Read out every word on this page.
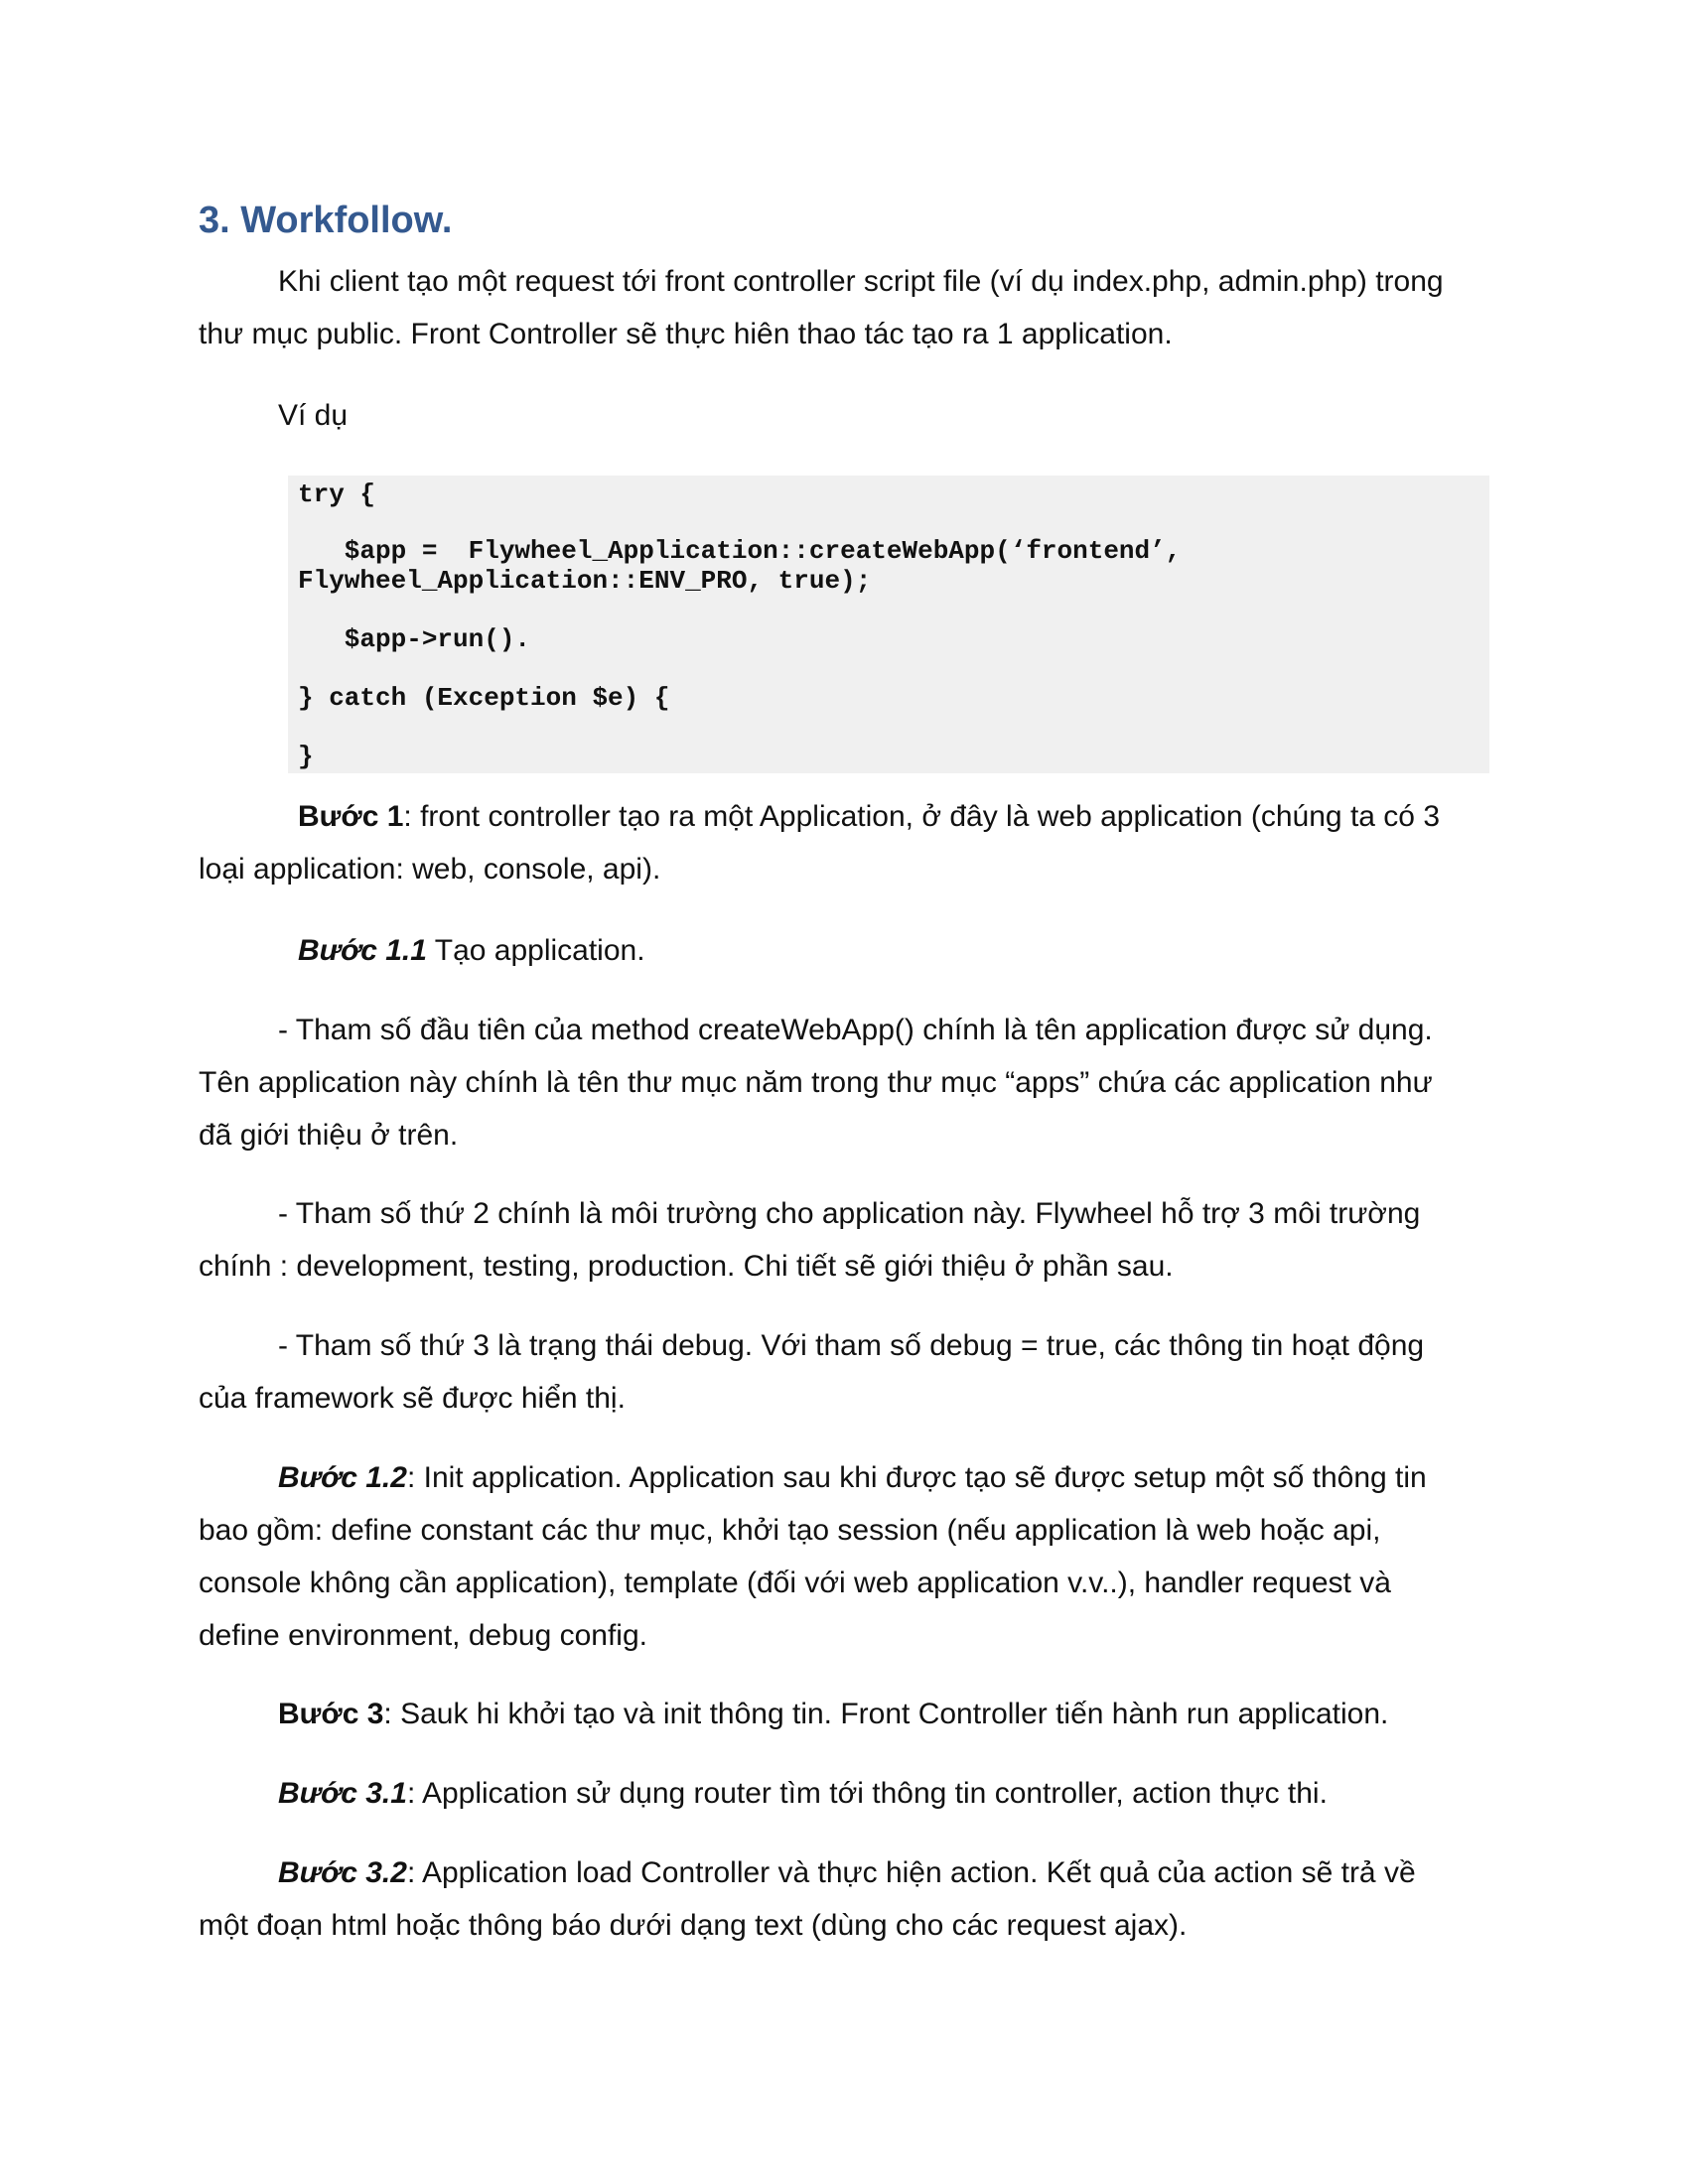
3. Workfollow.

Khi client tạo một request tới front controller script file (ví dụ index.php, admin.php) trong
thư mục public. Front Controller sẽ thực hiên thao tác tạo ra 1 application.

Ví dụ

try {
$app =  Flywheel_Application::createWebApp(‘frontend’,
Flywheel_Application::ENV_PRO, true);
$app->run().
} catch (Exception $e) {
}

Bước 1: front controller tạo ra một Application, ở đây là web application (chúng ta có 3
loại application: web, console, api).

Bước 1.1 Tạo application.

- Tham số đầu tiên của method createWebApp() chính là tên application được sử dụng.
Tên application này chính là tên thư mục năm trong thư mục “apps” chứa các application như
đã giới thiệu ở trên.

- Tham số thứ 2 chính là môi trường cho application này. Flywheel hỗ trợ 3 môi trường
chính : development, testing, production. Chi tiết sẽ giới thiệu ở phần sau.

- Tham số thứ 3 là trạng thái debug. Với tham số debug = true, các thông tin hoạt động
của framework sẽ được hiển thị.

Bước 1.2: Init application. Application sau khi được tạo sẽ được setup một số thông tin
bao gồm: define constant các thư mục, khởi tạo session (nếu application là web hoặc api,
console không cần application), template (đối với web application v.v..), handler request và
define environment, debug config.

Bước 3: Sauk hi khởi tạo và init thông tin. Front Controller tiến hành run application.

Bước 3.1: Application sử dụng router tìm tới thông tin controller, action thực thi.

Bước 3.2: Application load Controller và thực hiện action. Kết quả của action sẽ trả về
một đoạn html hoặc thông báo dưới dạng text (dùng cho các request ajax).
